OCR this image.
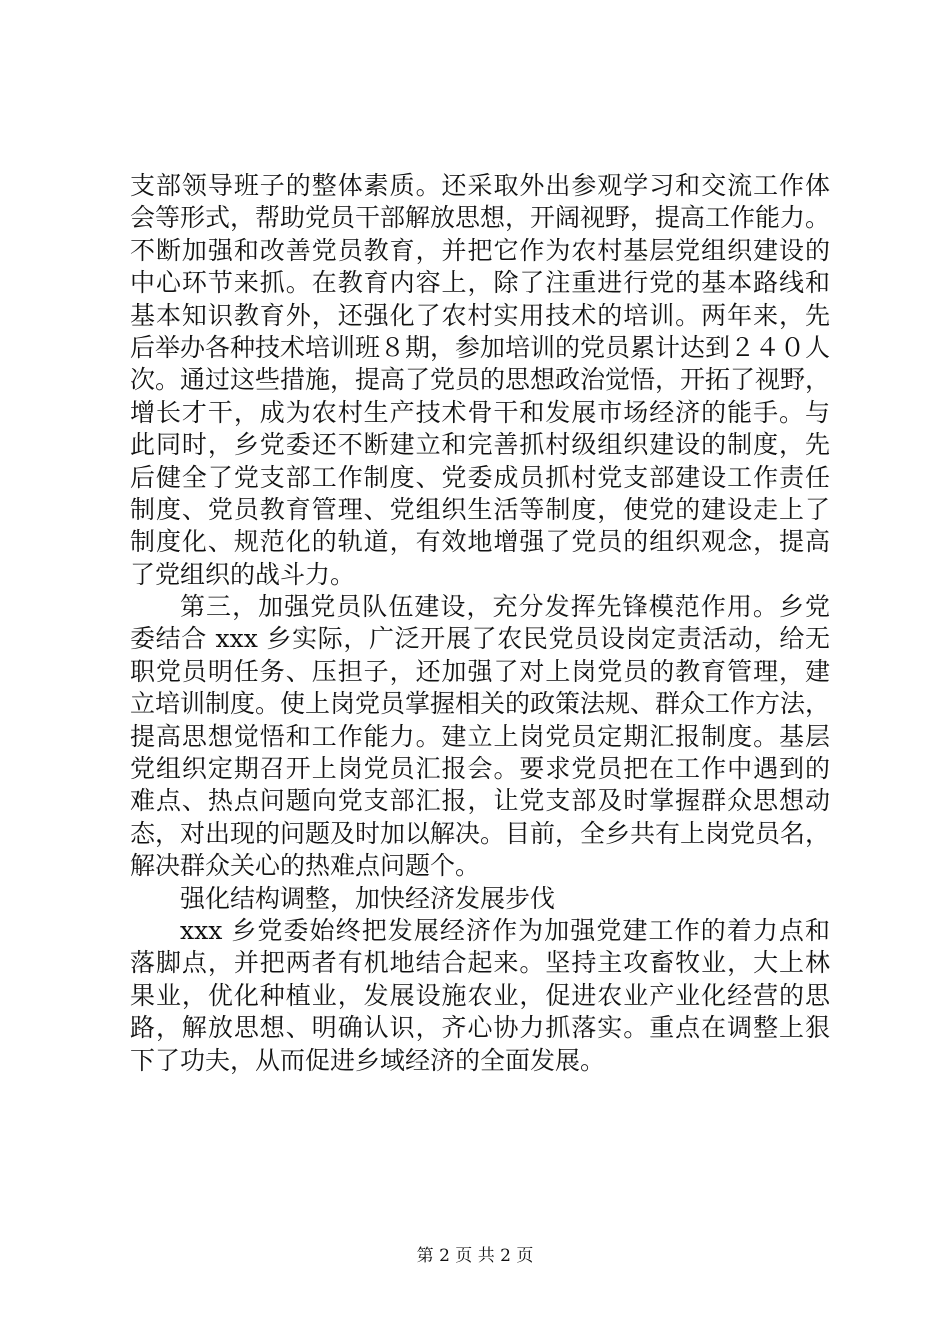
支部领导班子的整体素质。还采取外出参观学习和交流工作体
会等形式，帮助党员干部解放思想，开阔视野，提高工作能力。
不断加强和改善党员教育，并把它作为农村基层党组织建设的
中心环节来抓。在教育内容上，除了注重进行党的基本路线和
基本知识教育外，还强化了农村实用技术的培训。两年来，先
后举办各种技术培训班８期，参加培训的党员累计达到２４０人
次。通过这些措施，提高了党员的思想政治觉悟，开拓了视野，
增长才干，成为农村生产技术骨干和发展市场经济的能手。与
此同时，乡党委还不断建立和完善抓村级组织建设的制度，先
后健全了党支部工作制度、党委成员抓村党支部建设工作责任
制度、党员教育管理、党组织生活等制度，使党的建设走上了
制度化、规范化的轨道，有效地增强了党员的组织观念，提高
了党组织的战斗力。
第三，加强党员队伍建设，充分发挥先锋模范作用。乡党
委结合 xxx 乡实际，广泛开展了农民党员设岗定责活动，给无
职党员明任务、压担子，还加强了对上岗党员的教育管理，建
立培训制度。使上岗党员掌握相关的政策法规、群众工作方法，
提高思想觉悟和工作能力。建立上岗党员定期汇报制度。基层
党组织定期召开上岗党员汇报会。要求党员把在工作中遇到的
难点、热点问题向党支部汇报，让党支部及时掌握群众思想动
态，对出现的问题及时加以解决。目前，全乡共有上岗党员名，
解决群众关心的热难点问题个。
强化结构调整，加快经济发展步伐
xxx 乡党委始终把发展经济作为加强党建工作的着力点和
落脚点，并把两者有机地结合起来。坚持主攻畜牧业，大上林
果业，优化种植业，发展设施农业，促进农业产业化经营的思
路，解放思想、明确认识，齐心协力抓落实。重点在调整上狠
下了功夫，从而促进乡域经济的全面发展。
第 2 页 共 2 页
